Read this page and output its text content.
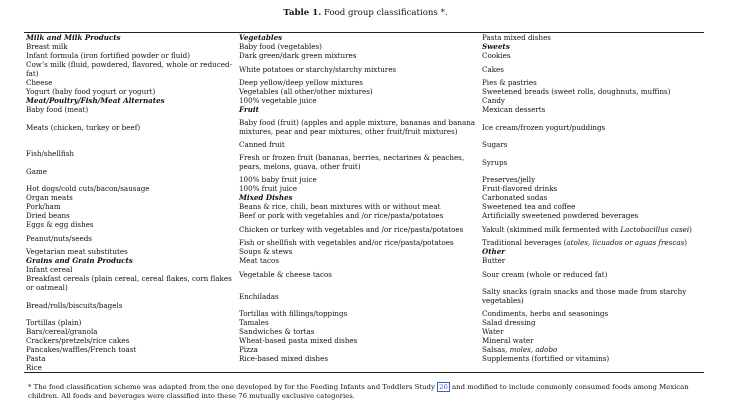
Table 1. Food group classifications *.
Milk and Milk Products
Breast milk
Infant formula (iron fortified powder or fluid)
Cow’s milk (fluid, powdered, flavored, whole or reduced-fat)
Cheese
Yogurt (baby food yogurt or yogurt)
Meat/Poultry/Fish/Meat Alternates
Baby food (meat)
Meats (chicken, turkey or beef)
Fish/shellfish
Game
Hot dogs/cold cuts/bacon/sausage
Organ meats
Pork/ham
Dried beans
Eggs & egg dishes
Peanut/nuts/seeds
Vegetarian meat substitutes
Grains and Grain Products
Infant cereal
Breakfast cereals (plain cereal, cereal flakes, corn flakes or oatmeal)
Bread/rolls/biscuits/bagels
Tortillas (plain)
Bars/cereal/granola
Crackers/pretzels/rice cakes
Pancakes/waffles/French toast
Pasta
Rice
Vegetables
Baby food (vegetables)
Dark green/dark green mixtures
White potatoes or starchy/starchy mixtures
Deep yellow/deep yellow mixtures
Vegetables (all other/other mixtures)
100% vegetable juice
Fruit
Baby food (fruit) (apples and apple mixture, bananas and banana mixtures, pear and pear mixtures, other fruit/fruit mixtures)
Canned fruit
Fresh or frozen fruit (bananas, berries, nectarines & peaches, pears, melons, guava, other fruit)
100% baby fruit juice
100% fruit juice
Mixed Dishes
Beans & rice, chili, bean mixtures with or without meat
Beef or pork with vegetables and /or rice/pasta/potatoes
Chicken or turkey with vegetables and /or rice/pasta/potatoes
Fish or shellfish with vegetables and/or rice/pasta/potatoes
Soups & stews
Meat tacos
Vegetable & cheese tacos
Enchiladas
Tortillas with fillings/toppings
Tamales
Sandwiches & tortas
Wheat-based pasta mixed dishes
Pizza
Rice-based mixed dishes
Pasta mixed dishes
Sweets
Cookies
Cakes
Pies & pastries
Sweetened breads (sweet rolls, doughnuts, muffins)
Candy
Mexican desserts
Ice cream/frozen yogurt/puddings
Sugars
Syrups
Preserves/jelly
Fruit-flavored drinks
Carbonated sodas
Sweetened tea and coffee
Artificially sweetened powdered beverages
Yakult (skimmed milk fermented with Lactobacillus casei)
Traditional beverages (atoles, licuados or aguas frescas)
Other
Butter
Sour cream (whole or reduced fat)
Salty snacks (grain snacks and those made from starchy vegetables)
Condiments, herbs and seasonings
Salad dressing
Water
Mineral water
Salsas, moles, adobo
Supplements (fortified or vitamins)
* The food classification scheme was adapted from the one developed by for the Feeding Infants and Toddlers Study 26 and modified to include commonly consumed foods among Mexican children. All foods and beverages were classified into these 76 mutually exclusive categories.
